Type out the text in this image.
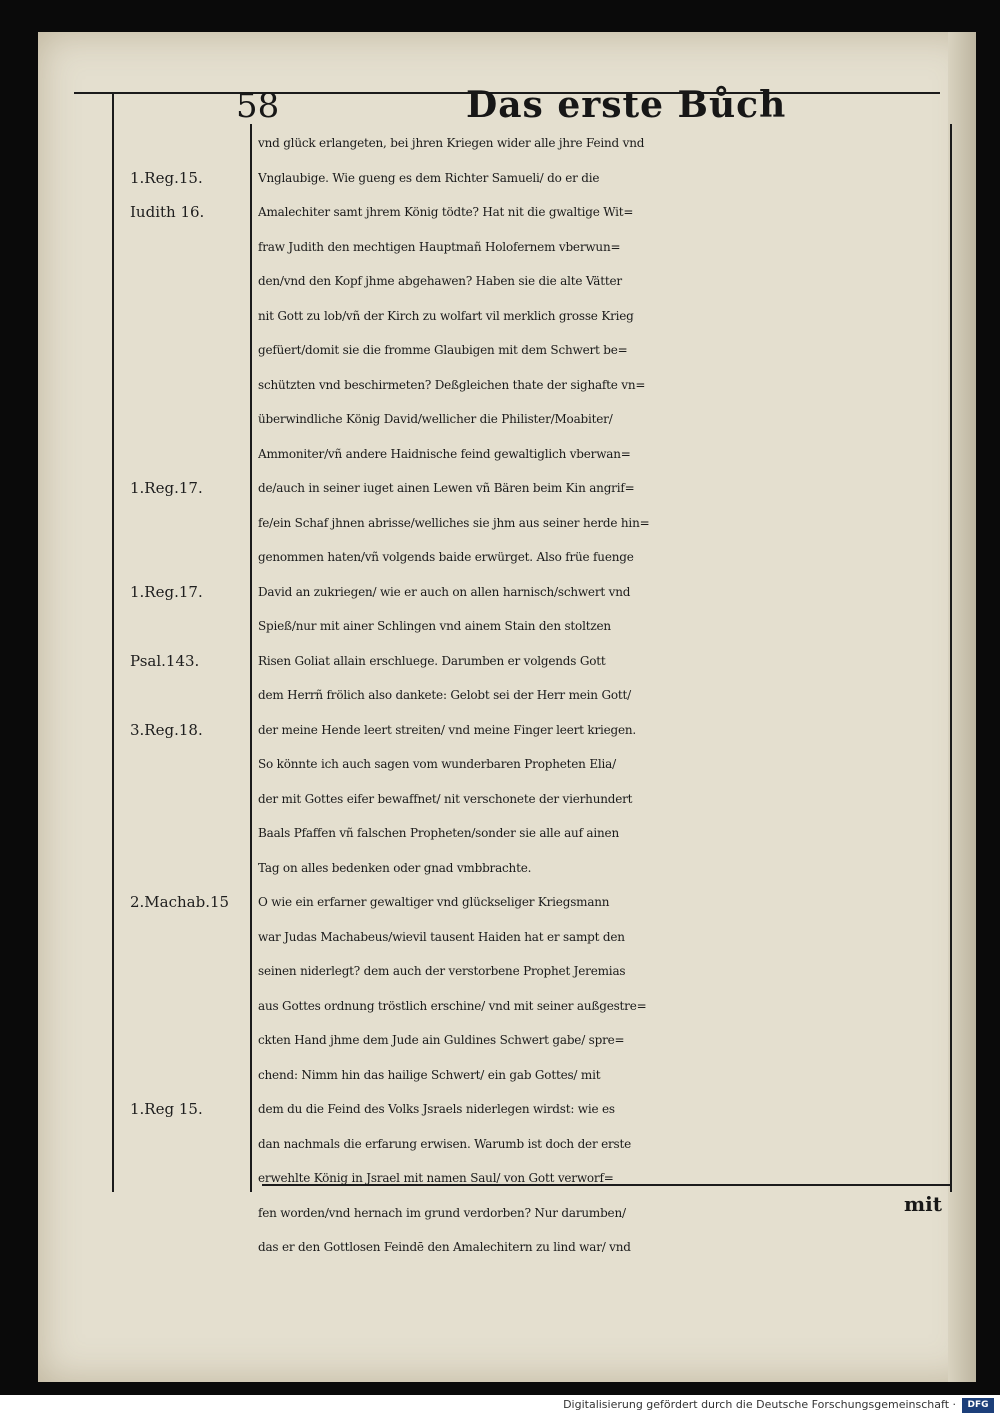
58	Das erste Bůch
vnd glück erlangeten, bei jhren Kriegen wider alle jhre Feind vnd
Vnglaubige. Wie gueng es dem Richter Samueli/ do er die
Amalechiter samt jhrem König tödte? Hat nit die gwaltige Wit=
fraw Judith den mechtigen Hauptmañ Holofernem vberwun=
den/vnd den Kopf jhme abgehawen? Haben sie die alte Vätter
nit Gott zu lob/vñ der Kirch zu wolfart vil merklich grosse Krieg
gefüert/domit sie die fromme Glaubigen mit dem Schwert be=
schützten vnd beschirmeten? Deßgleichen thate der sighafte vn=
überwindliche König David/wellicher die Philister/Moabiter/
Ammoniter/vñ andere Haidnische feind gewaltiglich vberwan=
de/auch in seiner iuget ainen Lewen vñ Bären beim Kin angrif=
fe/ein Schaf jhnen abrisse/welliches sie jhm aus seiner herde hin=
genommen haten/vñ volgends baide erwürget. Also früe fuenge
David an zukriegen/ wie er auch on allen harnisch/schwert vnd
Spieß/nur mit ainer Schlingen vnd ainem Stain den stoltzen
Risen Goliat allain erschluege. Darumben er volgends Gott
dem Herrñ frölich also dankete: Gelobt sei der Herr mein Gott/
der meine Hende leert streiten/ vnd meine Finger leert kriegen.
So könnte ich auch sagen vom wunderbaren Propheten Elia/
der mit Gottes eifer bewaffnet/ nit verschonete der vierhundert
Baals Pfaffen vñ falschen Propheten/sonder sie alle auf ainen
Tag on alles bedenken oder gnad vmbbrachte.
O wie ein erfarner gewaltiger vnd glückseliger Kriegsmann
war Judas Machabeus/wievil tausent Haiden hat er sampt den
seinen niderlegt? dem auch der verstorbene Prophet Jeremias
aus Gottes ordnung tröstlich erschine/ vnd mit seiner außgestre=
ckten Hand jhme dem Jude ain Guldines Schwert gabe/ spre=
chend: Nimm hin das hailige Schwert/ ein gab Gottes/ mit
dem du die Feind des Volks Jsraels niderlegen wirdst: wie es
dan nachmals die erfarung erwisen. Warumb ist doch der erste
erwehlte König in Jsrael mit namen Saul/ von Gott verworf=
fen worden/vnd hernach im grund verdorben? Nur darumben/
das er den Gottlosen Feindē den Amalechitern zu lind war/ vnd
1.Reg.15.
Iudith 16.
1.Reg.17.
1.Reg.17.
Psal.143.
3.Reg.18.
2.Machab.15
1.Reg 15.
mit
Digitalisierung gefördert durch die Deutsche Forschungsgemeinschaft ·	DFG
